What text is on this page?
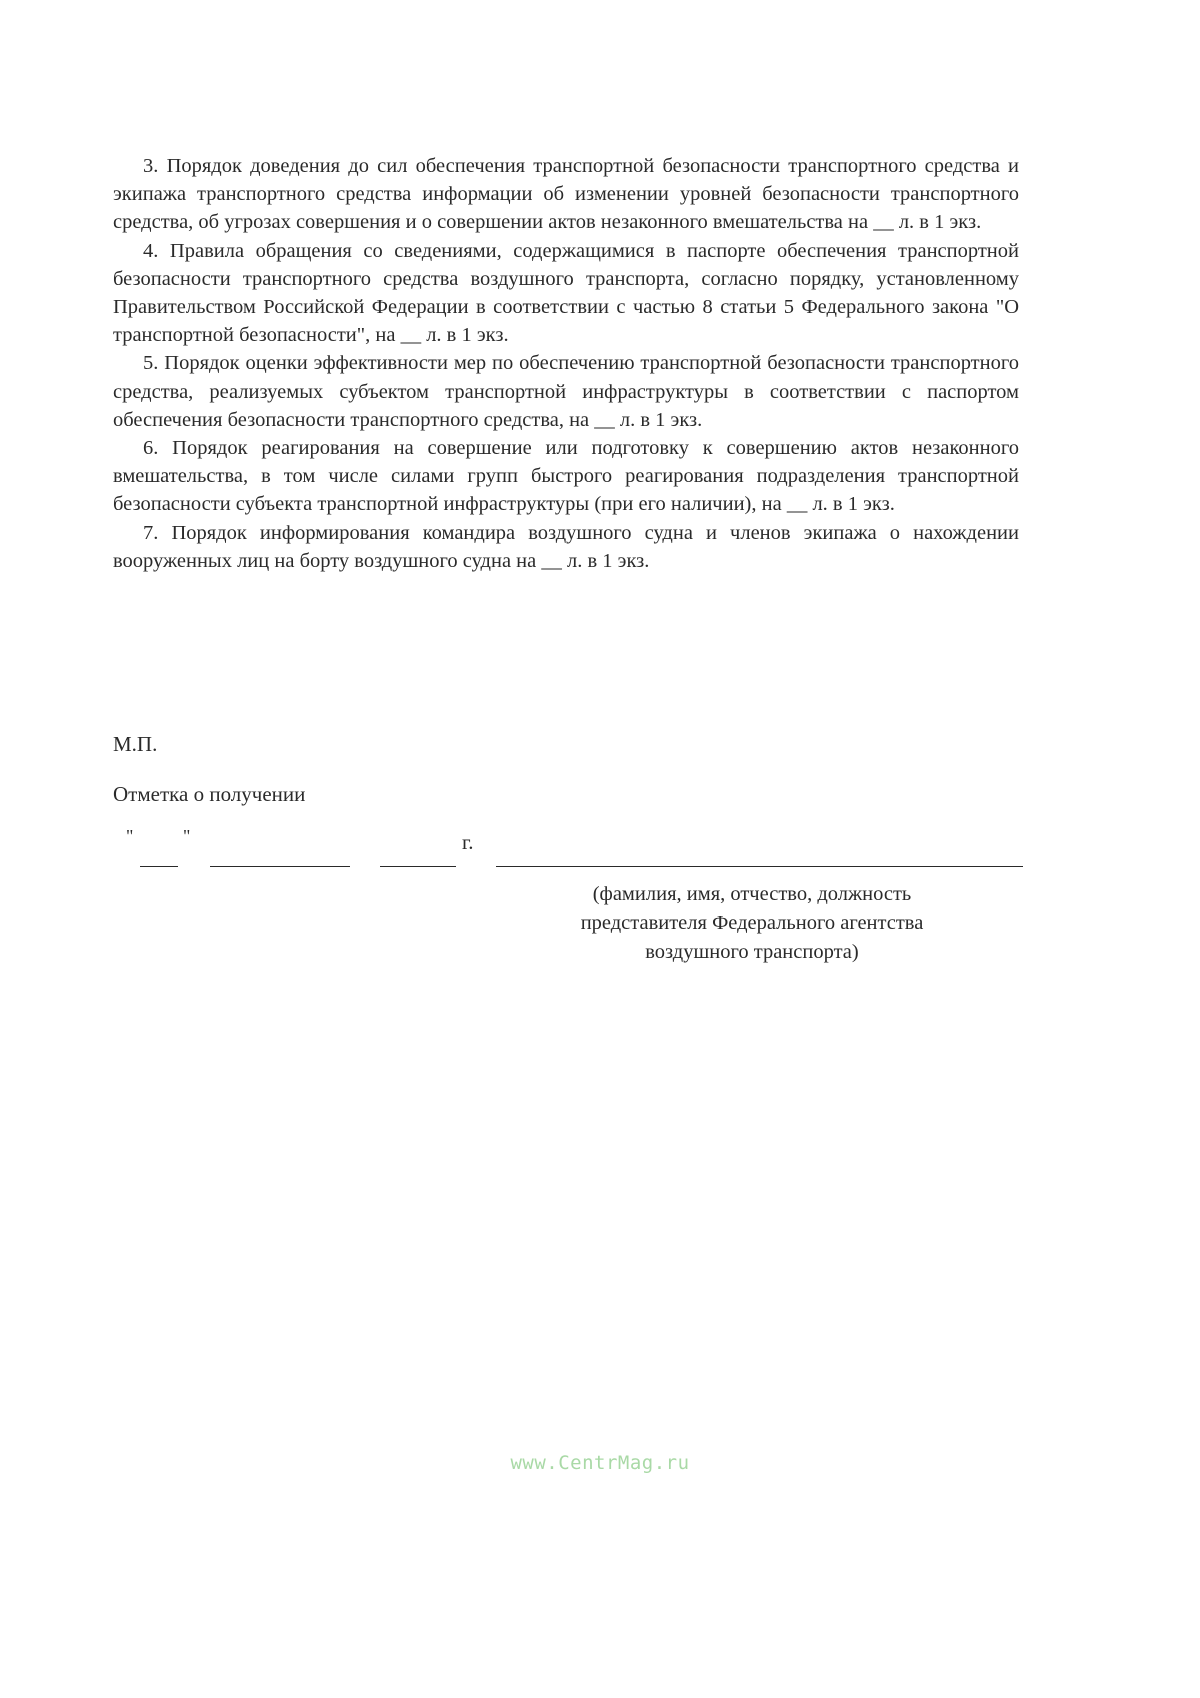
3. Порядок доведения до сил обеспечения транспортной безопасности транспортного средства и экипажа транспортного средства информации об изменении уровней безопасности транспортного средства, об угрозах совершения и о совершении актов незаконного вмешательства на __ л. в 1 экз.

4. Правила обращения со сведениями, содержащимися в паспорте обеспечения транспортной безопасности транспортного средства воздушного транспорта, согласно порядку, установленному Правительством Российской Федерации в соответствии с частью 8 статьи 5 Федерального закона "О транспортной безопасности", на __ л. в 1 экз.

5. Порядок оценки эффективности мер по обеспечению транспортной безопасности транспортного средства, реализуемых субъектом транспортной инфраструктуры в соответствии с паспортом обеспечения безопасности транспортного средства, на __ л. в 1 экз.

6. Порядок реагирования на совершение или подготовку к совершению актов незаконного вмешательства, в том числе силами групп быстрого реагирования подразделения транспортной безопасности субъекта транспортной инфраструктуры (при его наличии), на __ л. в 1 экз.

7. Порядок информирования командира воздушного судна и членов экипажа о нахождении вооруженных лиц на борту воздушного судна на __ л. в 1 экз.

М.П.
Отметка о получении
"	"	г.
(фамилия, имя, отчество, должность
представителя Федерального агентства
воздушного транспорта)
www.CentrMag.ru
